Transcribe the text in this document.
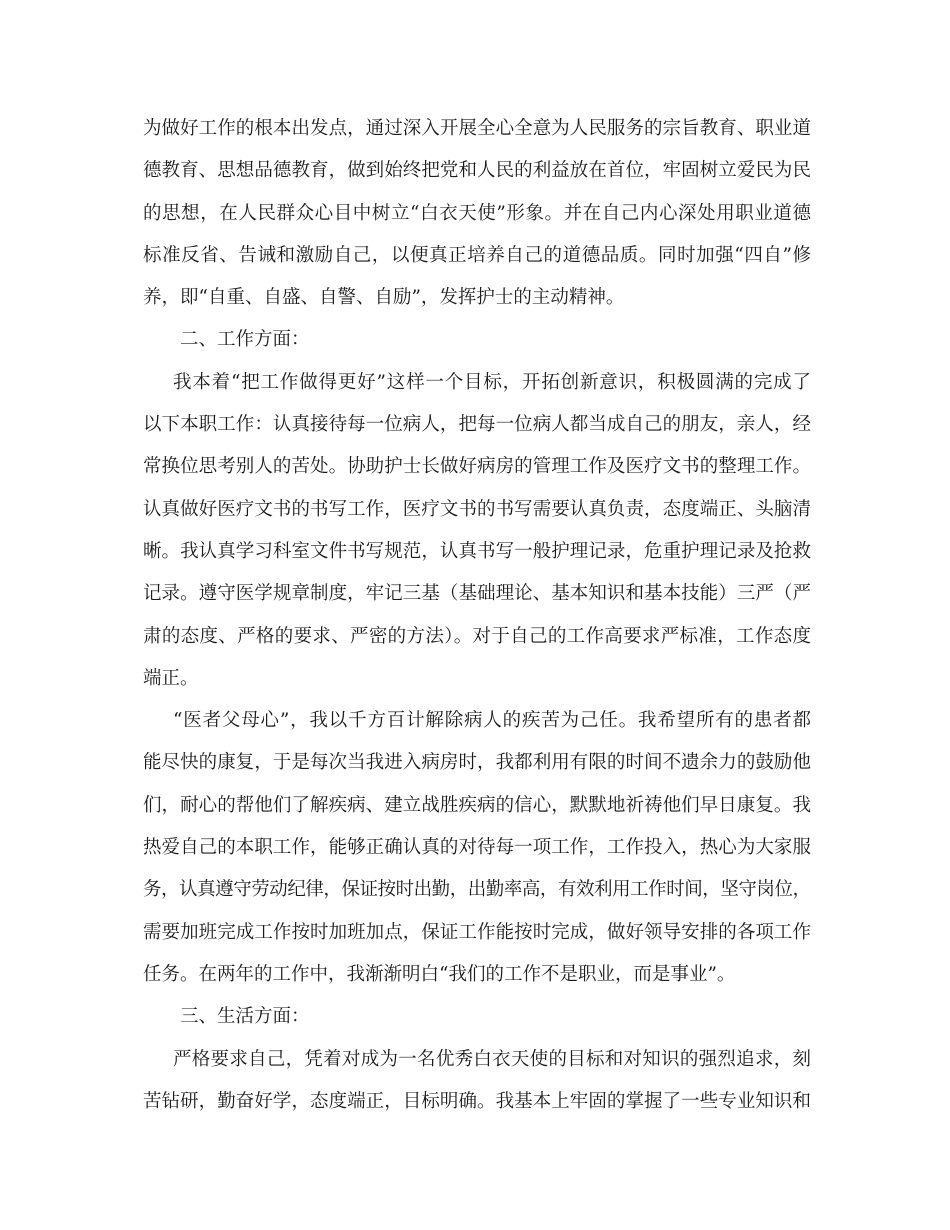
为做好工作的根本出发点，通过深入开展全心全意为人民服务的宗旨教育、职业道
德教育、思想品德教育，做到始终把党和人民的利益放在首位，牢固树立爱民为民
的思想，在人民群众心目中树立“白衣天使”形象。并在自己内心深处用职业道德
标准反省、告诫和激励自己，以便真正培养自己的道德品质。同时加强“四自”修
养，即“自重、自盛、自警、自励”，发挥护士的主动精神。
二、工作方面：
我本着“把工作做得更好”这样一个目标，开拓创新意识，积极圆满的完成了
以下本职工作：认真接待每一位病人，把每一位病人都当成自己的朋友，亲人，经
常换位思考别人的苦处。协助护士长做好病房的管理工作及医疗文书的整理工作。
认真做好医疗文书的书写工作，医疗文书的书写需要认真负责，态度端正、头脑清
晰。我认真学习科室文件书写规范，认真书写一般护理记录，危重护理记录及抢救
记录。遵守医学规章制度，牢记三基（基础理论、基本知识和基本技能）三严（严
肃的态度、严格的要求、严密的方法）。对于自己的工作高要求严标准，工作态度
端正。
“医者父母心”，我以千方百计解除病人的疾苦为己任。我希望所有的患者都
能尽快的康复，于是每次当我进入病房时，我都利用有限的时间不遗余力的鼓励他
们，耐心的帮他们了解疾病、建立战胜疾病的信心，默默地祈祷他们早日康复。我
热爱自己的本职工作，能够正确认真的对待每一项工作，工作投入，热心为大家服
务，认真遵守劳动纪律，保证按时出勤，出勤率高，有效利用工作时间，坚守岗位，
需要加班完成工作按时加班加点，保证工作能按时完成，做好领导安排的各项工作
任务。在两年的工作中，我渐渐明白“我们的工作不是职业，而是事业”。
三、生活方面：
严格要求自己，凭着对成为一名优秀白衣天使的目标和对知识的强烈追求，刻
苦钻研，勤奋好学，态度端正，目标明确。我基本上牢固的掌握了一些专业知识和
